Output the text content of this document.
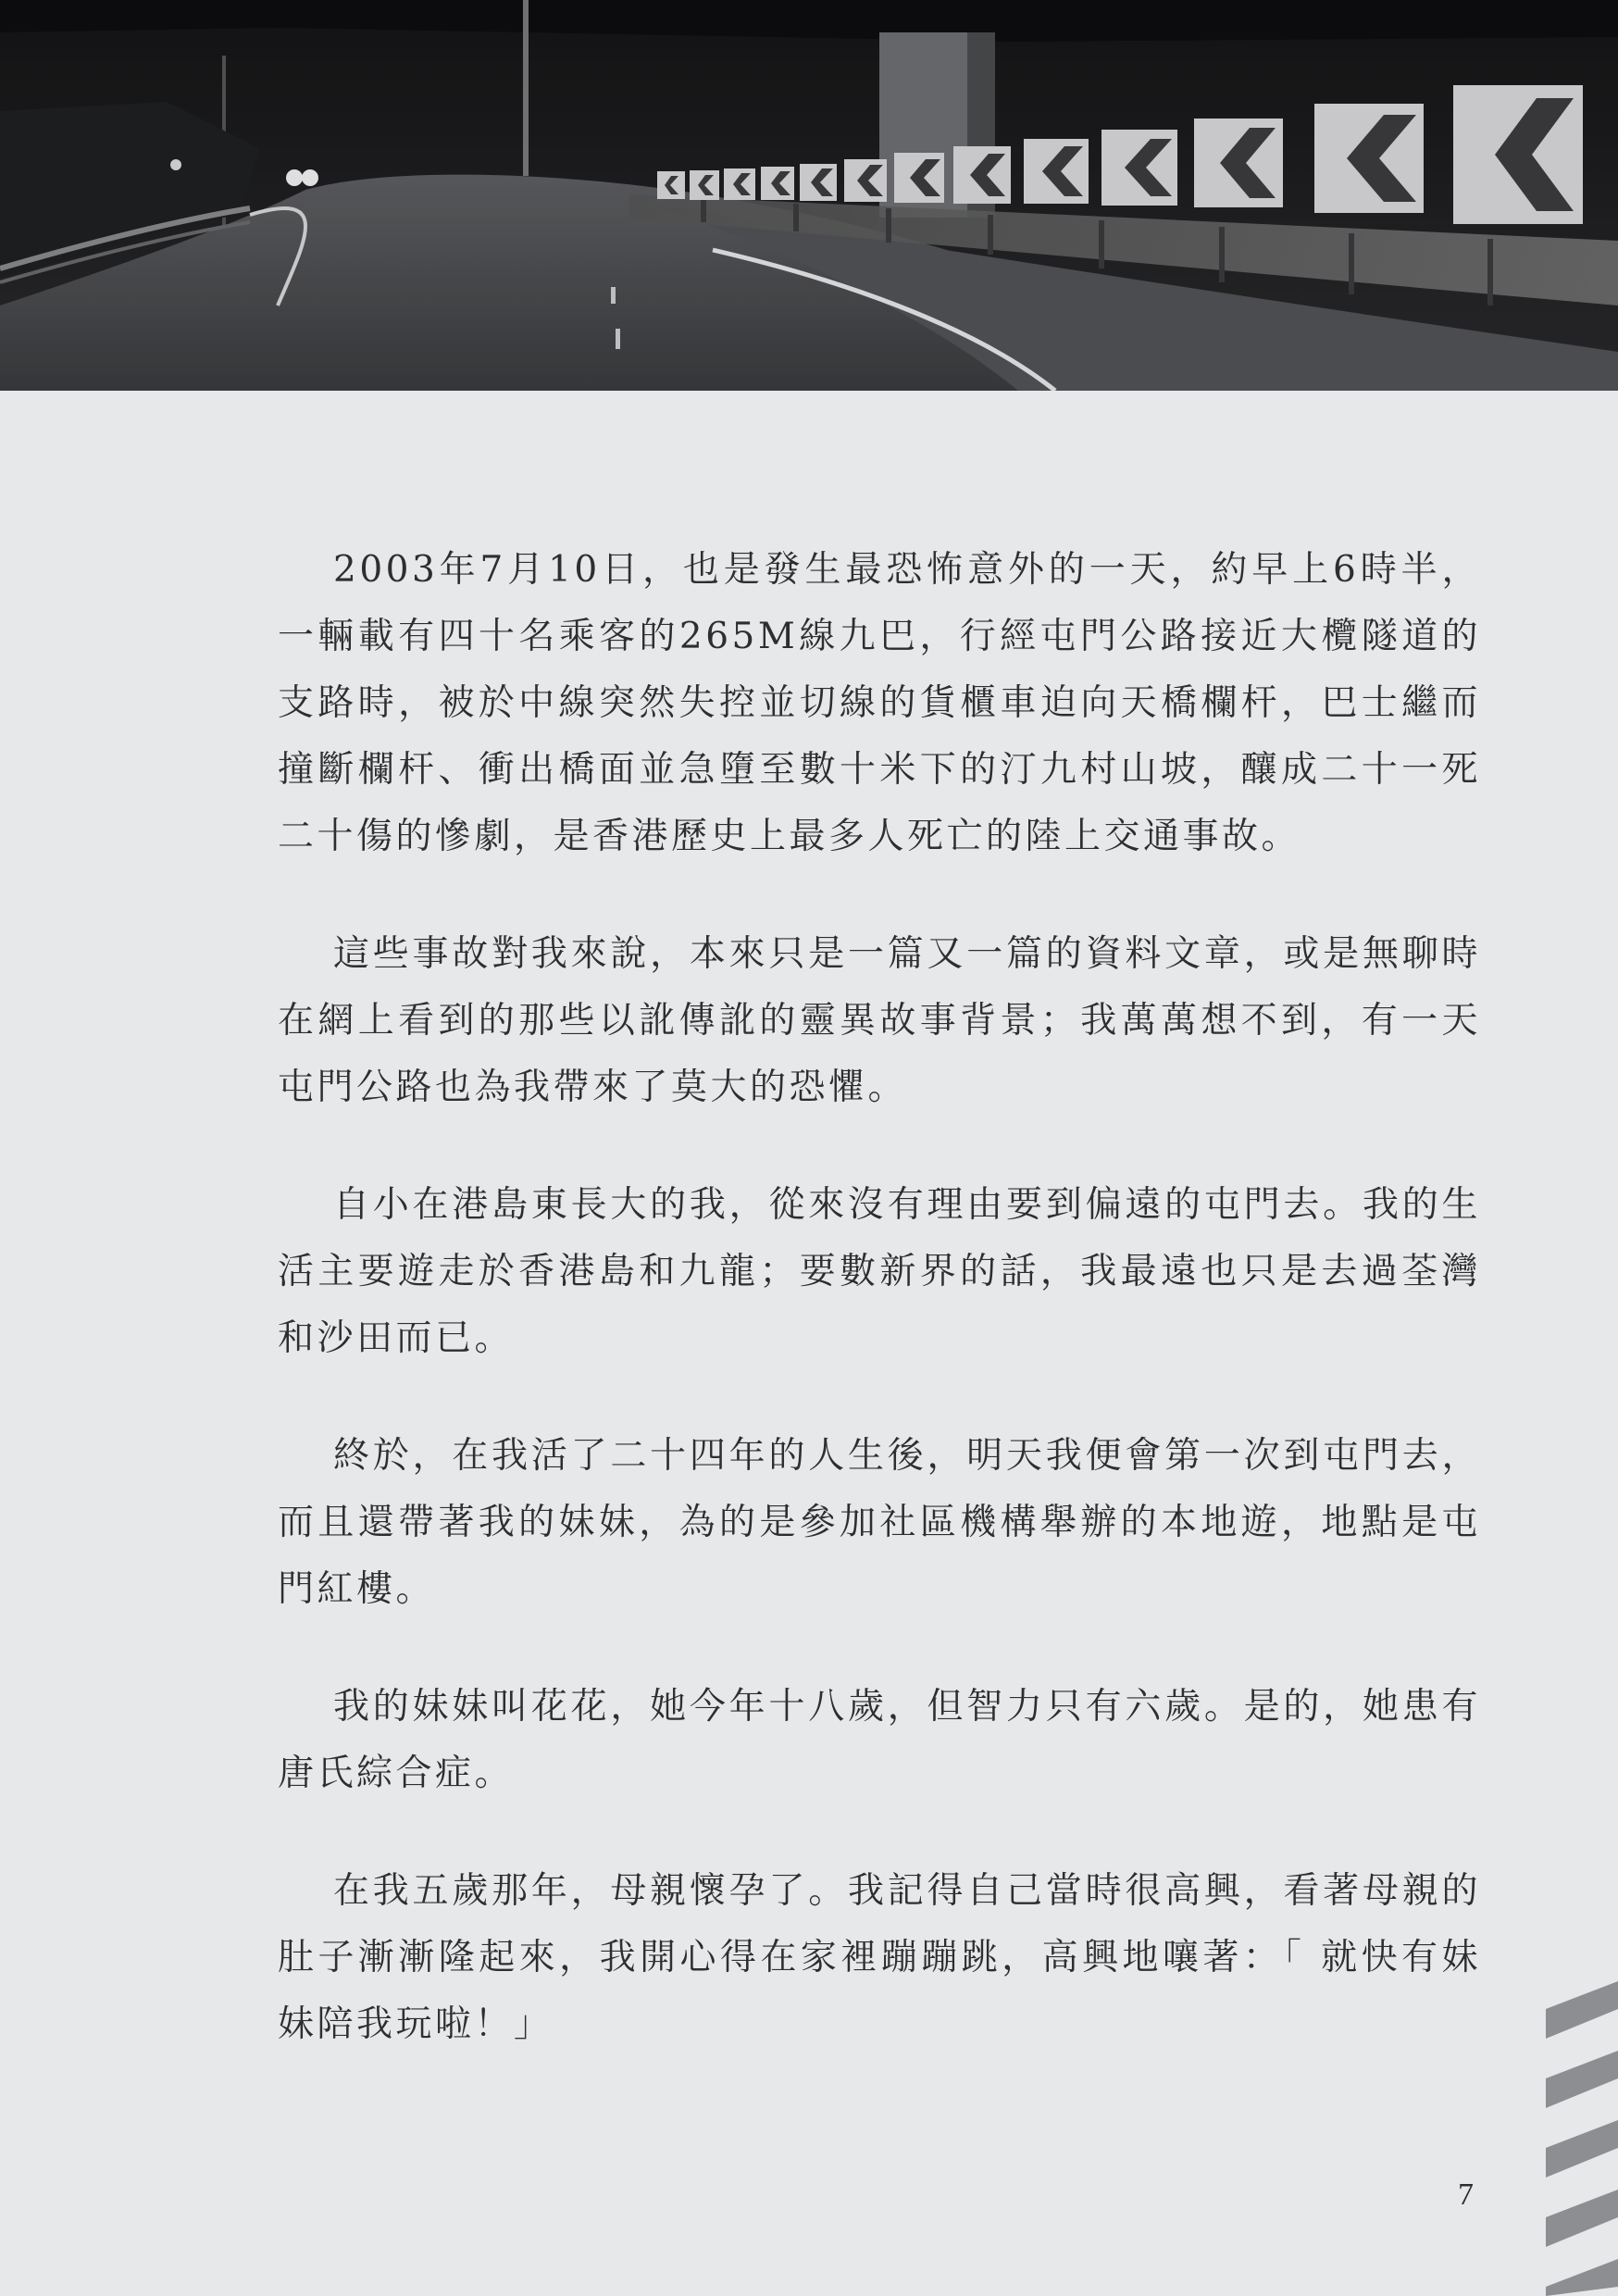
2003年7月10日，也是發生最恐怖意外的一天，約早上6時半，一輛載有四十名乘客的265M線九巴，行經屯門公路接近大欖隧道的支路時，被於中線突然失控並切線的貨櫃車迫向天橋欄杆，巴士繼而撞斷欄杆、衝出橋面並急墮至數十米下的汀九村山坡，釀成二十一死二十傷的慘劇，是香港歷史上最多人死亡的陸上交通事故。

這些事故對我來說，本來只是一篇又一篇的資料文章，或是無聊時在網上看到的那些以訛傳訛的靈異故事背景；我萬萬想不到，有一天屯門公路也為我帶來了莫大的恐懼。

自小在港島東長大的我，從來沒有理由要到偏遠的屯門去。我的生活主要遊走於香港島和九龍；要數新界的話，我最遠也只是去過荃灣和沙田而已。

終於，在我活了二十四年的人生後，明天我便會第一次到屯門去，而且還帶著我的妹妹，為的是參加社區機構舉辦的本地遊，地點是屯門紅樓。

我的妹妹叫花花，她今年十八歲，但智力只有六歲。是的，她患有唐氏綜合症。

在我五歲那年，母親懷孕了。我記得自己當時很高興，看著母親的肚子漸漸隆起來，我開心得在家裡蹦蹦跳，高興地嚷著：「 就快有妹妹陪我玩啦！」

7
